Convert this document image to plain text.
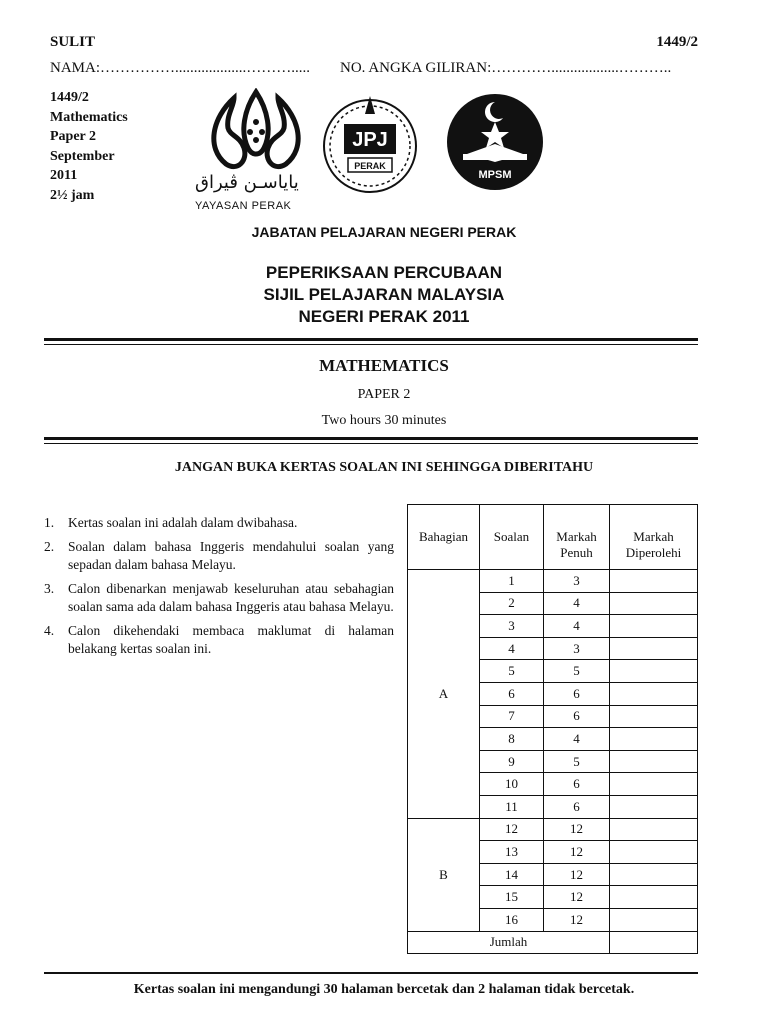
SULIT	1449/2
NAMA:……………...................………..... NO. ANGKA GILIRAN:…………..................………..
1449/2
Mathematics
Paper 2
September
2011
2½ jam
يايا‌سـن ڤيراق
YAYASAN PERAK
JPJ
PERAK
MPSM
JABATAN PELAJARAN NEGERI PERAK
PEPERIKSAAN PERCUBAAN
SIJIL PELAJARAN MALAYSIA
NEGERI PERAK 2011
MATHEMATICS
PAPER 2
Two hours 30 minutes
JANGAN BUKA KERTAS SOALAN INI SEHINGGA DIBERITAHU
1.	Kertas soalan ini adalah dalam dwibahasa.
2.	Soalan dalam bahasa Inggeris mendahului soalan yang sepadan dalam bahasa Melayu.
3.	Calon dibenarkan menjawab keseluruhan atau sebahagian soalan sama ada dalam bahasa Inggeris atau bahasa Melayu.
4.	Calon dikehendaki membaca maklumat di halaman belakang kertas soalan ini.
Bahagian	Soalan	Markah Penuh	Markah Diperolehi
A	1	3	
	2	4	
	3	4	
	4	3	
	5	5	
	6	6	
	7	6	
	8	4	
	9	5	
	10	6	
	11	6	
B	12	12	
	13	12	
	14	12	
	15	12	
	16	12	
Jumlah			
Kertas soalan ini mengandungi 30 halaman bercetak dan 2 halaman tidak bercetak.
